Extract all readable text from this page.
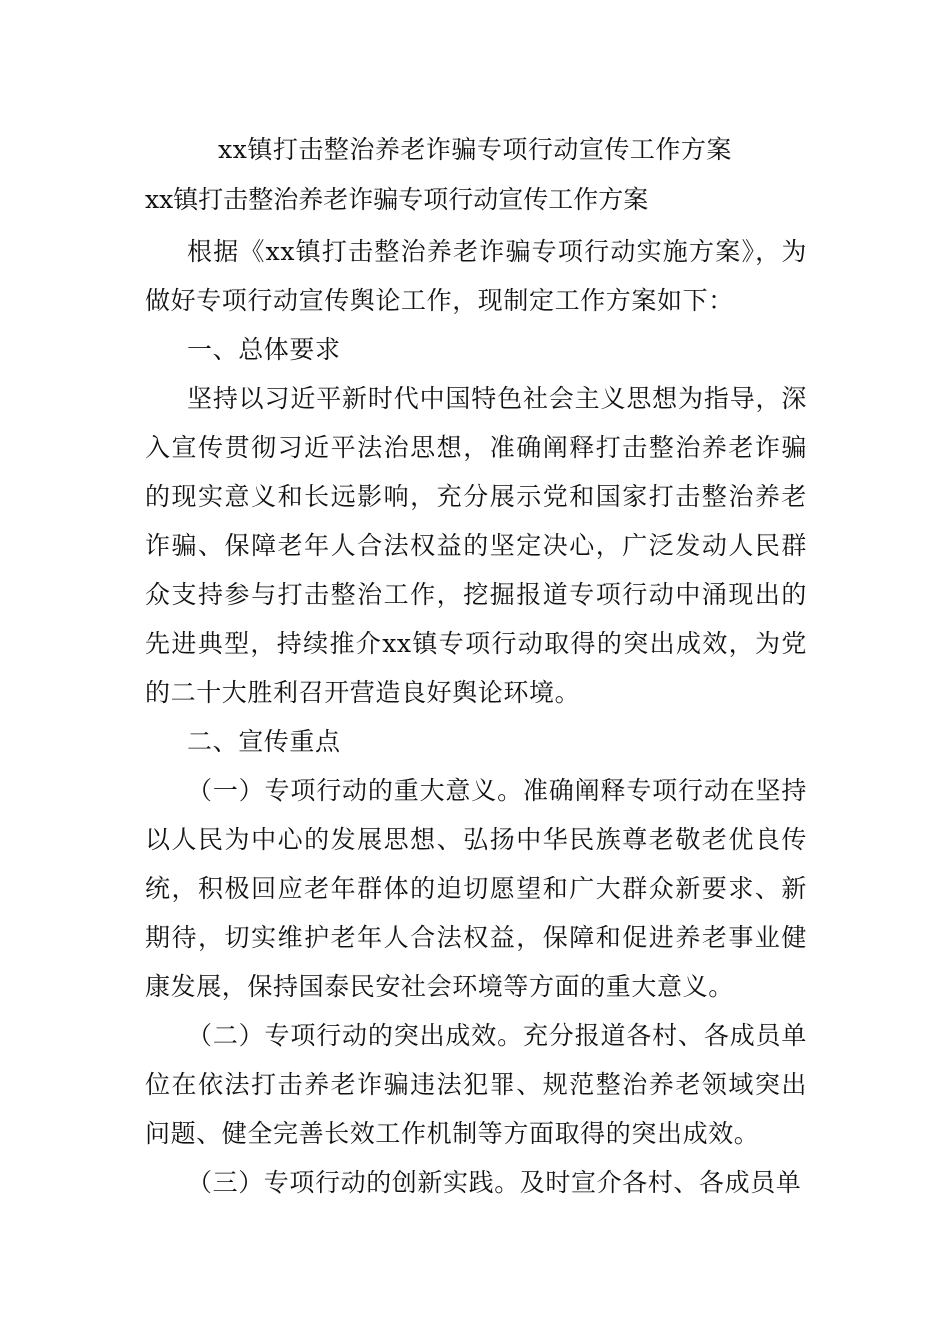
xx镇打击整治养老诈骗专项行动宣传工作方案
xx镇打击整治养老诈骗专项行动宣传工作方案

根据《xx镇打击整治养老诈骗专项行动实施方案》，为做好专项行动宣传舆论工作，现制定工作方案如下：

一、总体要求

坚持以习近平新时代中国特色社会主义思想为指导，深入宣传贯彻习近平法治思想，准确阐释打击整治养老诈骗的现实意义和长远影响，充分展示党和国家打击整治养老诈骗、保障老年人合法权益的坚定决心，广泛发动人民群众支持参与打击整治工作，挖掘报道专项行动中涌现出的先进典型，持续推介xx镇专项行动取得的突出成效，为党的二十大胜利召开营造良好舆论环境。

二、宣传重点

（一）专项行动的重大意义。准确阐释专项行动在坚持以人民为中心的发展思想、弘扬中华民族尊老敬老优良传统，积极回应老年群体的迫切愿望和广大群众新要求、新期待，切实维护老年人合法权益，保障和促进养老事业健康发展，保持国泰民安社会环境等方面的重大意义。

（二）专项行动的突出成效。充分报道各村、各成员单位在依法打击养老诈骗违法犯罪、规范整治养老领域突出问题、健全完善长效工作机制等方面取得的突出成效。

（三）专项行动的创新实践。及时宣介各村、各成员单
